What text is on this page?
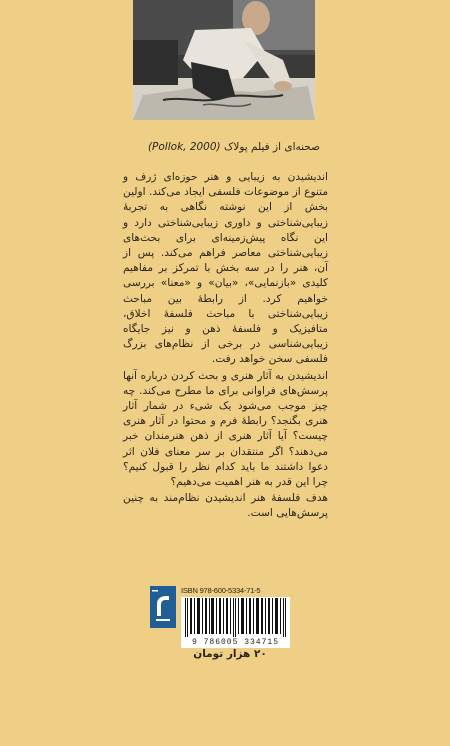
صحنه‌ای از فیلم پولاک (Pollok, 2000)

اندیشیدن به زیبایی و هنر حوزه‌ای ژرف و متنوع از موضوعات فلسفی ایجاد می‌کند. اولین بخش از این نوشته نگاهی به تجربهٔ زیبایی‌شناختی و داوری زیبایی‌شناختی دارد و این نگاه پیش‌زمینه‌ای برای بحث‌های زیبایی‌شناختی معاصر فراهم می‌کند. پس از آن، هنر را در سه بخش با تمرکز بر مفاهیم کلیدی «بازنمایی»، «بیان» و «معنا» بررسی خواهیم کرد. از رابطهٔ بین مباحث زیبایی‌شناختی با مباحث فلسفهٔ اخلاق، متافیزیک و فلسفهٔ ذهن و نیز جایگاه زیبایی‌شناسی در برخی از نظام‌های بزرگ فلسفی سخن خواهد رفت.

اندیشیدن به آثار هنری و بحث کردن درباره آنها پرسش‌های فراوانی برای ما مطرح می‌کند. چه چیز موجب می‌شود یک شیء در شمار آثار هنری بگنجد؟ رابطهٔ فرم و محتوا در آثار هنری چیست؟ آیا آثار هنری از ذهن هنرمندان خبر می‌دهند؟ اگر منتقدان بر سر معنای فلان اثر دعوا داشتند ما باید کدام نظر را قبول کنیم؟ چرا این قدر به هنر اهمیت می‌دهیم؟

هدف فلسفهٔ هنر اندیشیدن نظام‌مند به چنین پرسش‌هایی است.

ISBN 978-600-5334-71-5
9 786005 334715
۲۰ هزار تومان
